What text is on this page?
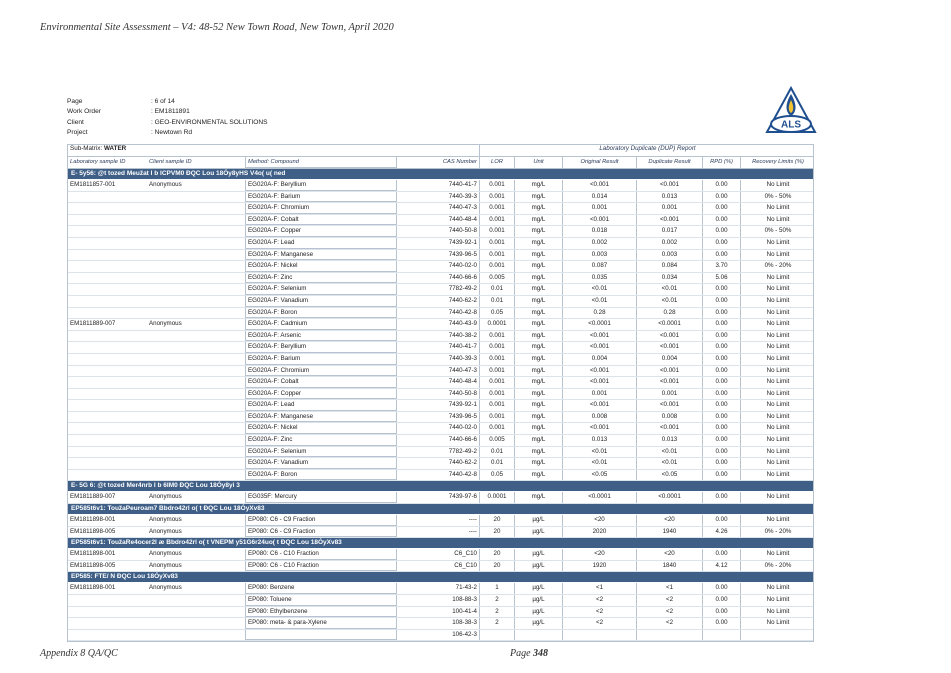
Environmental Site Assessment – V4: 48-52 New Town Road, New Town, April 2020
Page	: 6 of 14
Work Order	: EM1811891
Client	: GEO-ENVIRONMENTAL SOLUTIONS
Project	: Newtown Rd
ALS
Sub-Matrix: WATER	Laboratory Duplicate (DUP) Report
Laboratory sample ID	Client sample ID	Method: Compound	CAS Number	LOR	Unit	Original Result	Duplicate Result	RPD (%)	Recovery Limits (%)
E- 5y56: @t tozed Meužat I b ICPVM0 ÐQC Lou 18Óy8yHS V4o( u( ned
EM1811857-001	Anonymous	EG020A-F: Beryllium	7440-41-7	0.001	mg/L	<0.001	<0.001	0.00	No Limit
EG020A-F: Barium	7440-39-3	0.001	mg/L	0.014	0.013	0.00	0% - 50%
EG020A-F: Chromium	7440-47-3	0.001	mg/L	0.001	0.001	0.00	No Limit
EG020A-F: Cobalt	7440-48-4	0.001	mg/L	<0.001	<0.001	0.00	No Limit
EG020A-F: Copper	7440-50-8	0.001	mg/L	0.018	0.017	0.00	0% - 50%
EG020A-F: Lead	7439-92-1	0.001	mg/L	0.002	0.002	0.00	No Limit
EG020A-F: Manganese	7439-96-5	0.001	mg/L	0.003	0.003	0.00	No Limit
EG020A-F: Nickel	7440-02-0	0.001	mg/L	0.087	0.084	3.70	0% - 20%
EG020A-F: Zinc	7440-66-6	0.005	mg/L	0.035	0.034	5.06	No Limit
EG020A-F: Selenium	7782-49-2	0.01	mg/L	<0.01	<0.01	0.00	No Limit
EG020A-F: Vanadium	7440-62-2	0.01	mg/L	<0.01	<0.01	0.00	No Limit
EG020A-F: Boron	7440-42-8	0.05	mg/L	0.28	0.28	0.00	No Limit
EM1811889-007	Anonymous	EG020A-F: Cadmium	7440-43-9	0.0001	mg/L	<0.0001	<0.0001	0.00	No Limit
EG020A-F: Arsenic	7440-38-2	0.001	mg/L	<0.001	<0.001	0.00	No Limit
EG020A-F: Beryllium	7440-41-7	0.001	mg/L	<0.001	<0.001	0.00	No Limit
EG020A-F: Barium	7440-39-3	0.001	mg/L	0.004	0.004	0.00	No Limit
EG020A-F: Chromium	7440-47-3	0.001	mg/L	<0.001	<0.001	0.00	No Limit
EG020A-F: Cobalt	7440-48-4	0.001	mg/L	<0.001	<0.001	0.00	No Limit
EG020A-F: Copper	7440-50-8	0.001	mg/L	0.001	0.001	0.00	No Limit
EG020A-F: Lead	7439-92-1	0.001	mg/L	<0.001	<0.001	0.00	No Limit
EG020A-F: Manganese	7439-96-5	0.001	mg/L	0.008	0.008	0.00	No Limit
EG020A-F: Nickel	7440-02-0	0.001	mg/L	<0.001	<0.001	0.00	No Limit
EG020A-F: Zinc	7440-66-6	0.005	mg/L	0.013	0.013	0.00	No Limit
EG020A-F: Selenium	7782-49-2	0.01	mg/L	<0.01	<0.01	0.00	No Limit
EG020A-F: Vanadium	7440-62-2	0.01	mg/L	<0.01	<0.01	0.00	No Limit
EG020A-F: Boron	7440-42-8	0.05	mg/L	<0.05	<0.05	0.00	No Limit
E- 5G 6: @t tozed Mer4nrb I b 6IM0 ÐQC Lou 18Óy8yi 3
EM1811889-007	Anonymous	EG035F: Mercury	7439-97-6	0.0001	mg/L	<0.0001	<0.0001	0.00	No Limit
EP585t6v1: ToužaPeuroam7 Bbdro42rl o( t ÐQC Lou 18ÓyXv83
EM1811898-001	Anonymous	EP080: C6 - C9 Fraction	----	20	µg/L	<20	<20	0.00	No Limit
EM1811898-005	Anonymous	EP080: C6 - C9 Fraction	----	20	µg/L	2020	1940	4.26	0% - 20%
EP585t6v1: ToužaRe4ocer2l æ Bbdro42rl o( t VNEPM y51G6r24uo( t ÐQC Lou 18ÓyXv83
EM1811898-001	Anonymous	EP080: C6 - C10 Fraction	C6_C10	20	µg/L	<20	<20	0.00	No Limit
EM1811898-005	Anonymous	EP080: C6 - C10 Fraction	C6_C10	20	µg/L	1920	1840	4.12	0% - 20%
EP585: FTE/ N ÐQC Lou 18ÓyXv83
EM1811898-001	Anonymous	EP080: Benzene	71-43-2	1	µg/L	<1	<1	0.00	No Limit
EP080: Toluene	108-88-3	2	µg/L	<2	<2	0.00	No Limit
EP080: Ethylbenzene	100-41-4	2	µg/L	<2	<2	0.00	No Limit
EP080: meta- & para-Xylene	108-38-3	2	µg/L	<2	<2	0.00	No Limit
106-42-3
Appendix 8 QA/QC	Page 348
